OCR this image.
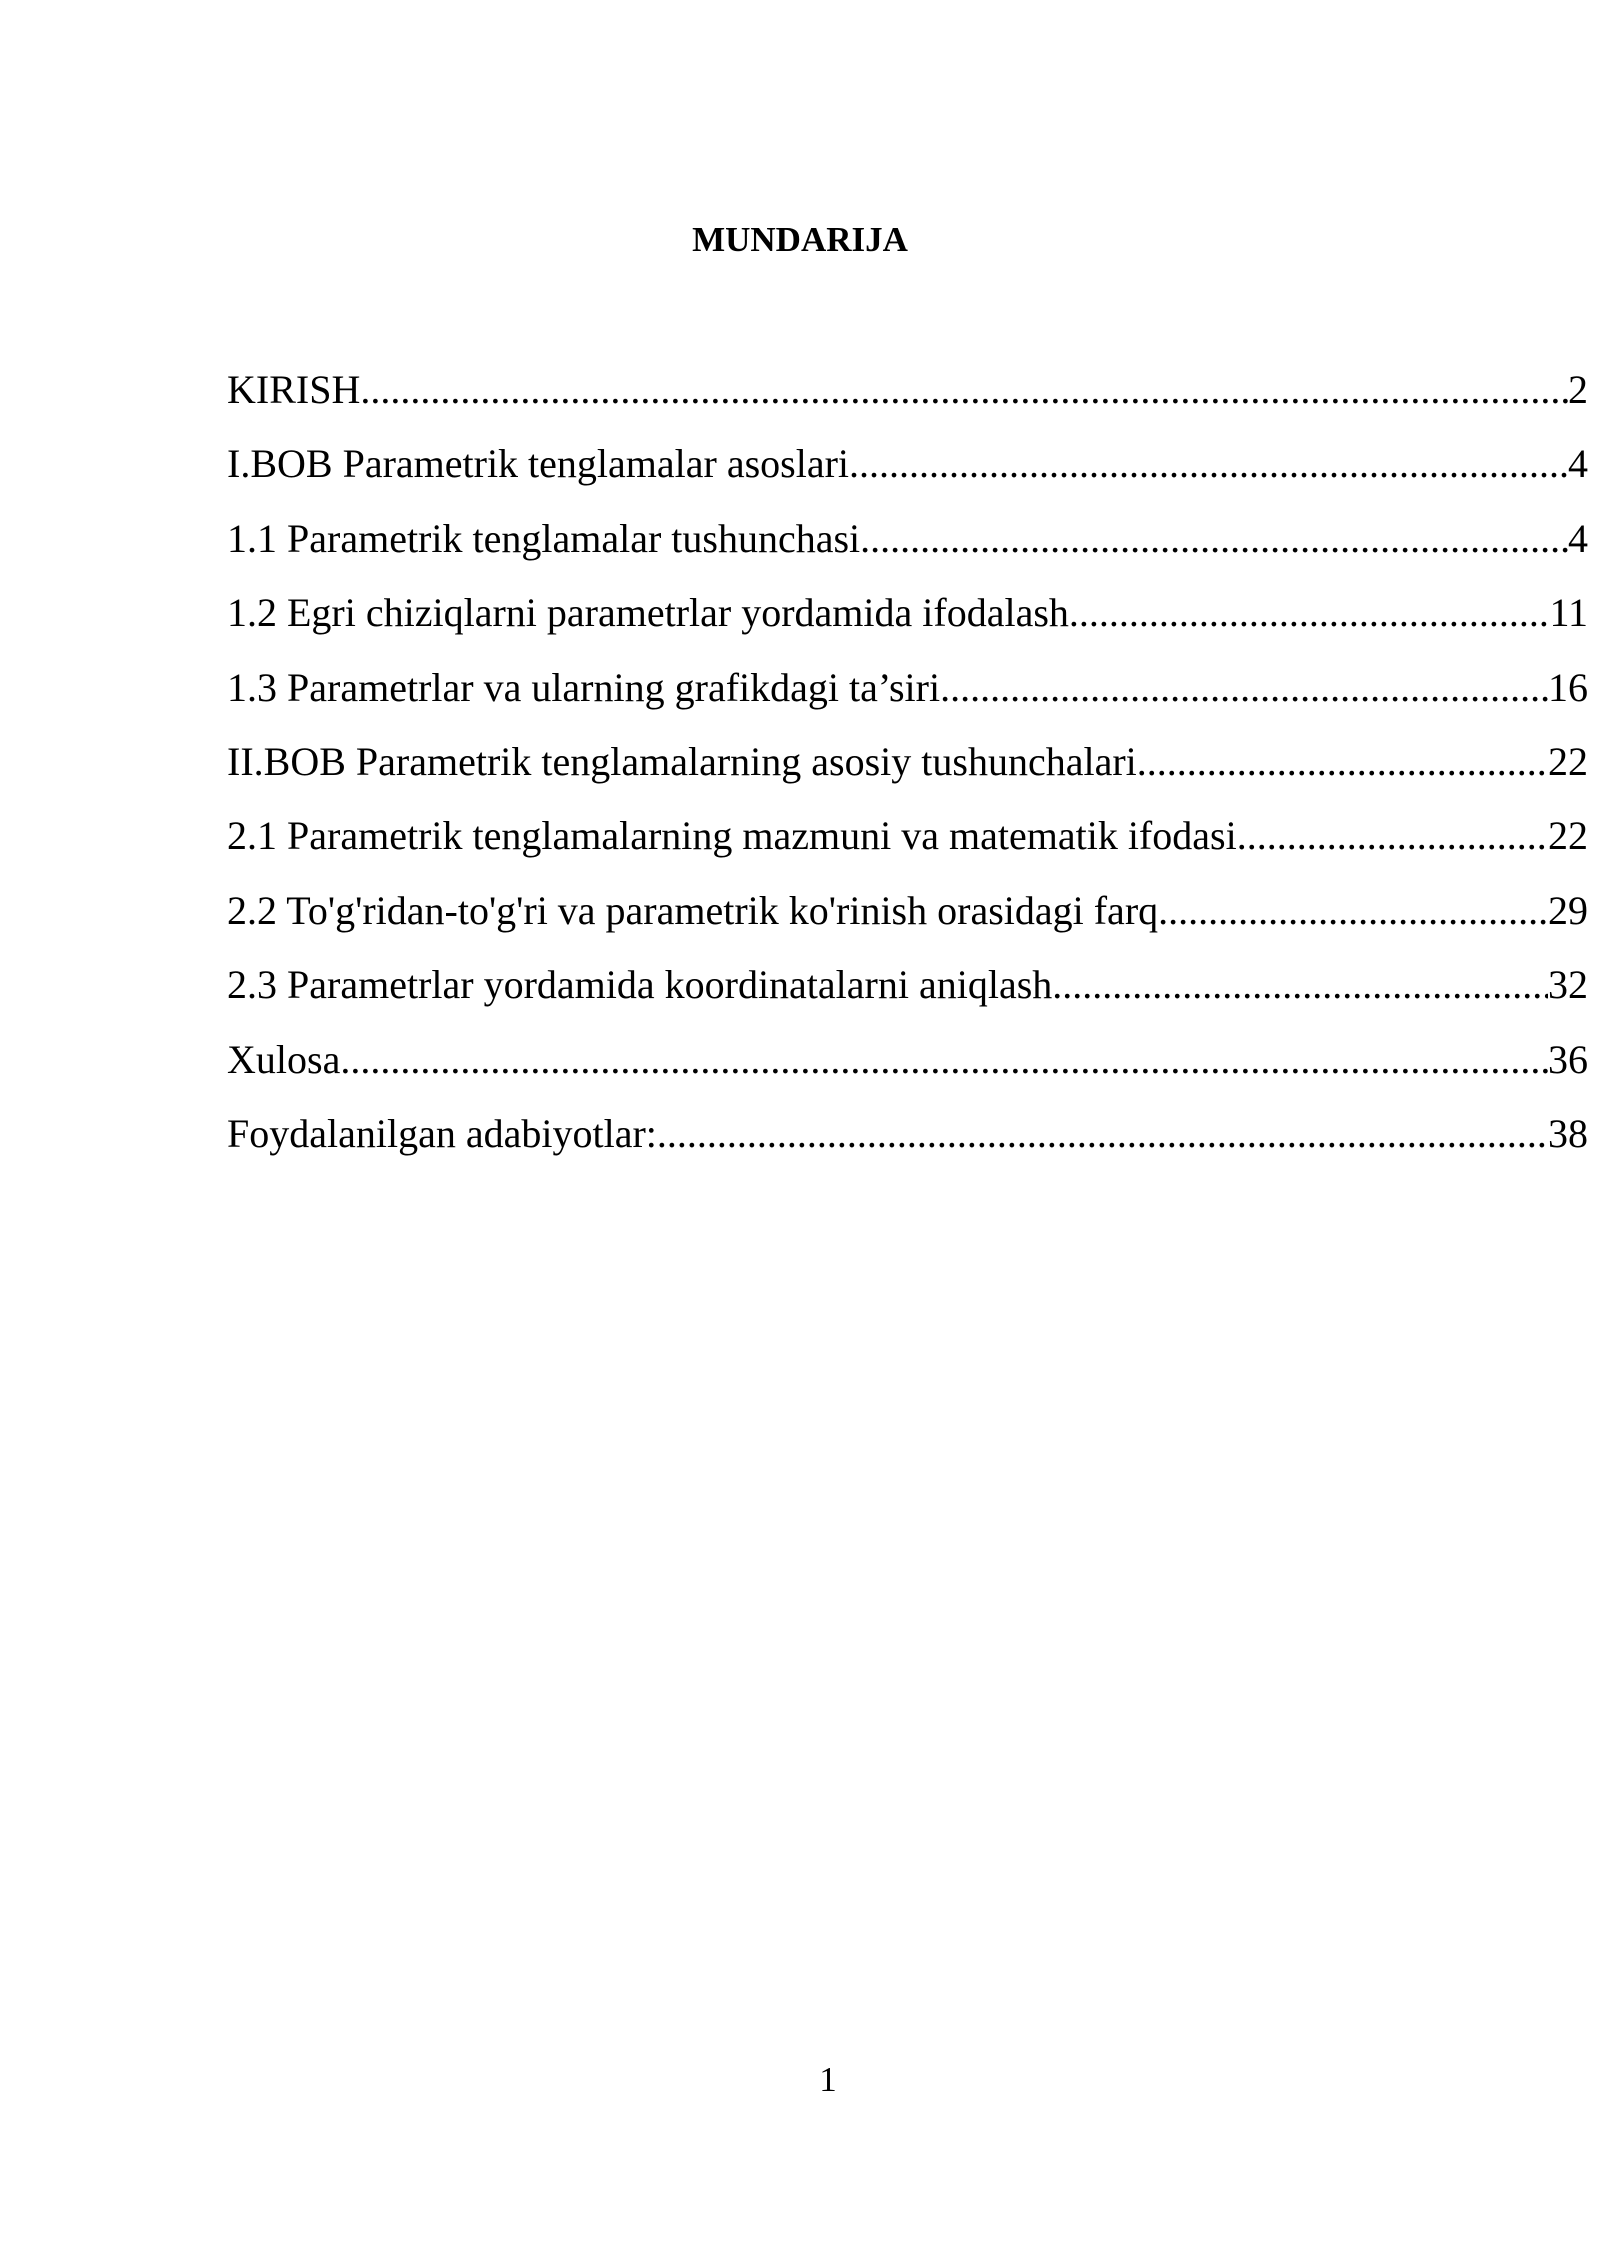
MUNDARIJA
KIRISH .....	2
I.BOB Parametrik tenglamalar asoslari .....	4
1.1 Parametrik tenglamalar tushunchasi .....	4
1.2 Egri chiziqlarni parametrlar yordamida ifodalash .....	11
1.3 Parametrlar va ularning grafikdagi ta’siri .....	16
II.BOB Parametrik tenglamalarning asosiy tushunchalari .....	22
2.1 Parametrik tenglamalarning mazmuni va matematik ifodasi .....	22
2.2 To'g'ridan-to'g'ri va parametrik ko'rinish orasidagi farq .....	29
2.3 Parametrlar yordamida koordinatalarni aniqlash .....	32
Xulosa .....	36
Foydalanilgan adabiyotlar: .....	38
1
